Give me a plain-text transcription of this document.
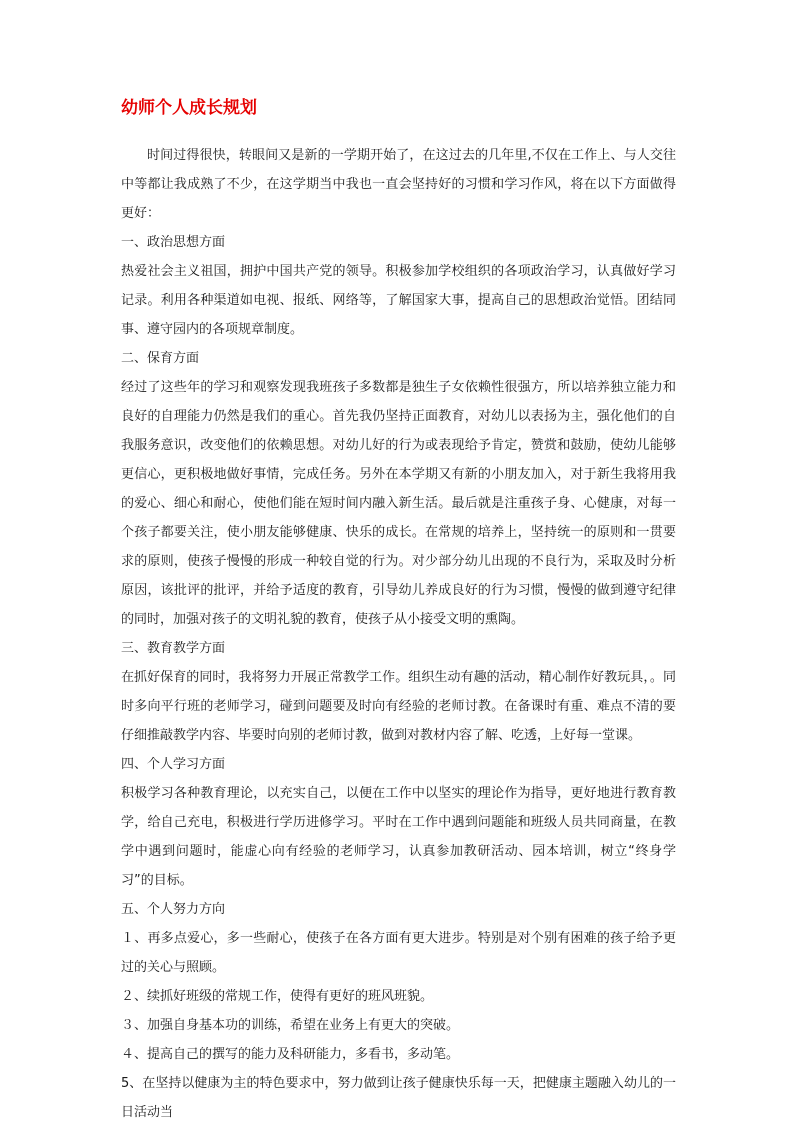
幼师个人成长规划

时间过得很快，转眼间又是新的一学期开始了，在这过去的几年里,不仅在工作上、与人交往中等都让我成熟了不少，在这学期当中我也一直会坚持好的习惯和学习作风，将在以下方面做得更好：

一、政治思想方面

热爱社会主义祖国，拥护中国共产党的领导。积极参加学校组织的各项政治学习，认真做好学习记录。利用各种渠道如电视、报纸、网络等，了解国家大事，提高自己的思想政治觉悟。团结同事、遵守园内的各项规章制度。

二、保育方面

经过了这些年的学习和观察发现我班孩子多数都是独生子女依赖性很强方，所以培养独立能力和良好的自理能力仍然是我们的重心。首先我仍坚持正面教育，对幼儿以表扬为主，强化他们的自我服务意识，改变他们的依赖思想。对幼儿好的行为或表现给予肯定，赞赏和鼓励，使幼儿能够更信心，更积极地做好事情，完成任务。另外在本学期又有新的小朋友加入，对于新生我将用我的爱心、细心和耐心，使他们能在短时间内融入新生活。最后就是注重孩子身、心健康，对每一个孩子都要关注，使小朋友能够健康、快乐的成长。在常规的培养上，坚持统一的原则和一贯要求的原则，使孩子慢慢的形成一种较自觉的行为。对少部分幼儿出现的不良行为，采取及时分析原因，该批评的批评，并给予适度的教育，引导幼儿养成良好的行为习惯，慢慢的做到遵守纪律的同时，加强对孩子的文明礼貌的教育，使孩子从小接受文明的熏陶。

三、教育教学方面

在抓好保育的同时，我将努力开展正常教学工作。组织生动有趣的活动，精心制作好教玩具，。同时多向平行班的老师学习，碰到问题要及时向有经验的老师讨教。在备课时有重、难点不清的要仔细推敲教学内容、毕要时向别的老师讨教，做到对教材内容了解、吃透，上好每一堂课。

四、个人学习方面

积极学习各种教育理论，以充实自己，以便在工作中以坚实的理论作为指导，更好地进行教育教学，给自己充电，积极进行学历进修学习。平时在工作中遇到问题能和班级人员共同商量，在教学中遇到问题时，能虚心向有经验的老师学习，认真参加教研活动、园本培训，树立“终身学习”的目标。

五、个人努力方向

１、再多点爱心，多一些耐心，使孩子在各方面有更大进步。特别是对个别有困难的孩子给予更过的关心与照顾。

２、续抓好班级的常规工作，使得有更好的班风班貌。

３、加强自身基本功的训练，希望在业务上有更大的突破。

４、提高自己的撰写的能力及科研能力，多看书，多动笔。

5、在坚持以健康为主的特色要求中，努力做到让孩子健康快乐每一天，把健康主题融入幼儿的一日活动当
